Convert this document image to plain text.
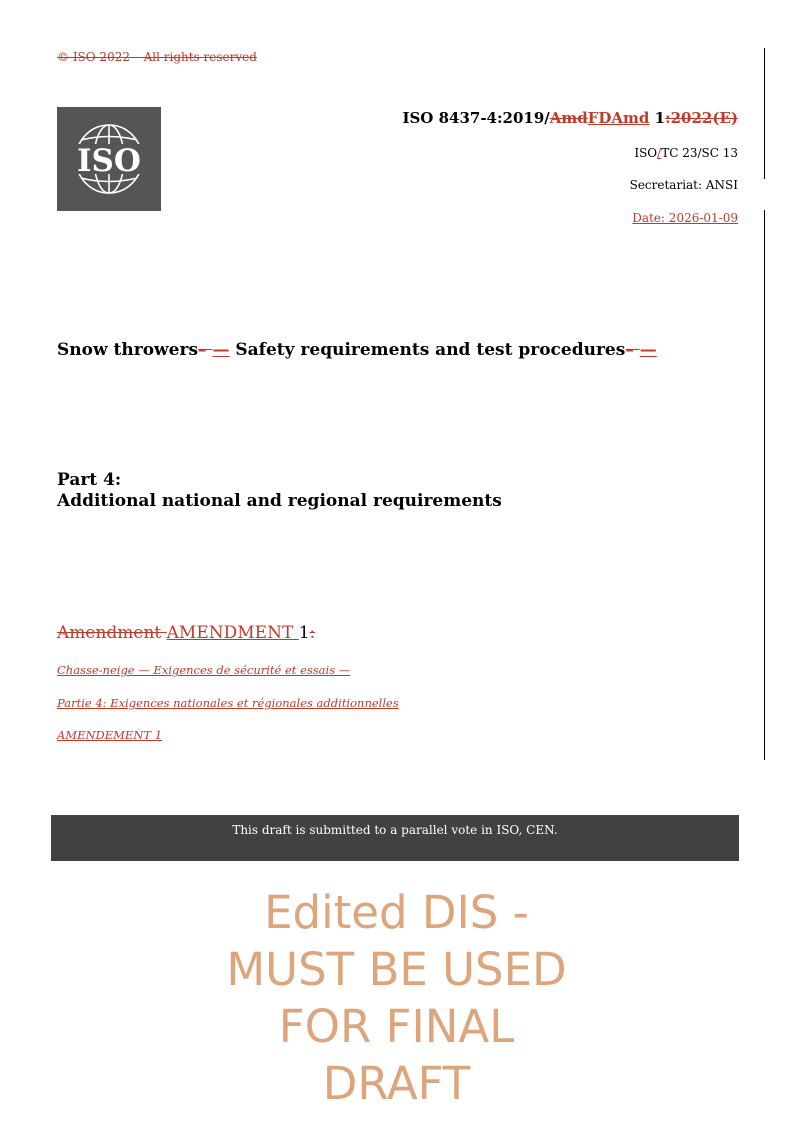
© ISO 2022 – All rights reserved
ISO
ISO 8437-4:2019/AmdFDAmd 1:2022(E)
ISO/TC 23/SC 13
Secretariat: ANSI
Date: 2026-01-09
Snow throwers– — Safety requirements and test procedures– —
Part 4:
Additional national and regional requirements
Amendment AMENDMENT 1:
Chasse-neige — Exigences de sécurité et essais —
Partie 4: Exigences nationales et régionales additionnelles
AMENDEMENT 1
This draft is submitted to a parallel vote in ISO, CEN.
Edited DIS -
MUST BE USED
FOR FINAL
DRAFT
